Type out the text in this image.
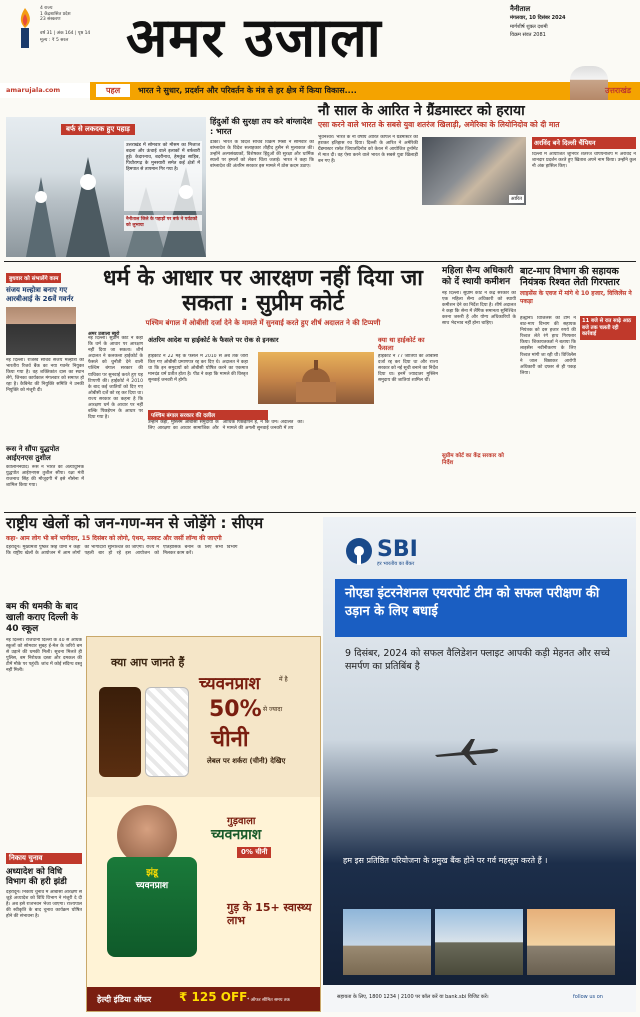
4 राज्य
1 केंद्रशासित प्रदेश
23 संस्करण
वर्ष 31 | अंक 164 | पृष्ठ 14
मूल्य : ₹ 5 सरल अमर उजाला	नैनीताल
मंगलवार, 10 दिसंबर 2024
मार्गशीर्ष शुक्ल दशमी
विक्रम संवत 2081
amarujala.com	पहल	भारत ने सुधार, प्रदर्शन और परिवर्तन के मंत्र से हर क्षेत्र में किया विकास....	उत्तराखंड
बर्फ से लकदक हुए पहाड़
उत्तराखंड में सोमवार को मौसम का मिजाज बदला और ऊंचाई वाले इलाकों में बर्फबारी हुई। केदारनाथ, बदरीनाथ, हेमकुंड साहिब, पिथौरागढ़ के मुनस्यारी समेत कई क्षेत्रों में हिमपात से तापमान गिर गया है।
नैनीताल जिले के पहाड़ों पर बर्फ ने पर्यटकों को लुभाया
हिंदुओं की सुरक्षा तय करे बांग्लादेश : भारत
ढाका। भारत के विदेश सचिव विक्रम मिस्री ने सोमवार को बांग्लादेश के विदेश सलाहकार तौहीद हुसैन से मुलाकात की। उन्होंने अल्पसंख्यकों, विशेषकर हिंदुओं की सुरक्षा और धार्मिक स्थलों पर हमलों को लेकर चिंता जताई। भारत ने कहा कि बांग्लादेश की अंतरिम सरकार इस मामले में ठोस कदम उठाए।
नौ साल के आरित ने ग्रैंडमास्टर को हराया
एसा करने वाले भारत के सबसे युवा शतरंज खिलाड़ी, अमेरिका के लियोनिदोव को दी मात
भुवनेश्वर। भारत के नौ वर्षीय आरित कपिल ने ग्रैंडमास्टर को हराकर इतिहास रच दिया। दिल्ली के आरित ने अमेरिकी ग्रैंडमास्टर रासेत जियातदिनोव को केरल में आयोजित टूर्नामेंट में मात दी। वह ऐसा करने वाले भारत के सबसे युवा खिलाड़ी बन गए हैं।
आरित
अरविंद बने दिल्ली चैंपियन
दिल्ली में आयोजित जूनियर शतरंज चैंपियनशिप में अरविंद ने शानदार प्रदर्शन करते हुए खिताब अपने नाम किया। उन्होंने कुल नौ अंक हासिल किए।
बुधवार को संभालेंगे काम
संजय मल्होत्रा बनाए गए आरबीआई के 26वें गवर्नर
नई दिल्ली। राजस्व सचिव संजय मल्होत्रा को भारतीय रिजर्व बैंक का नया गवर्नर नियुक्त किया गया है। वह शक्तिकांत दास का स्थान लेंगे, जिनका कार्यकाल मंगलवार को समाप्त हो रहा है। कैबिनेट की नियुक्ति समिति ने उनकी नियुक्ति को मंजूरी दी।
रूस ने सौंपा युद्धपोत आईएनएस तुशील
कालिनिनग्राद। रूस ने भारत को अत्याधुनिक युद्धपोत आईएनएस तुशील सौंपा। रक्षा मंत्री राजनाथ सिंह की मौजूदगी में इसे नौसेना में शामिल किया गया।
धर्म के आधार पर आरक्षण नहीं दिया जा सकता : सुप्रीम कोर्ट
पश्चिम बंगाल में ओबीसी दर्जा देने के मामले में सुनवाई करते हुए शीर्ष अदालत ने की टिप्पणी
अमर उजाला ब्यूरो
नई दिल्ली। सुप्रीम कोर्ट ने कहा कि धर्म के आधार पर आरक्षण नहीं दिया जा सकता। शीर्ष अदालत ने कलकत्ता हाईकोर्ट के फैसले को चुनौती देने वाली पश्चिम बंगाल सरकार की याचिका पर सुनवाई करते हुए यह टिप्पणी की। हाईकोर्ट ने 2010 के बाद कई जातियों को दिए गए ओबीसी दर्जे को रद्द कर दिया था। राज्य सरकार का कहना है कि आरक्षण धर्म के आधार पर नहीं बल्कि पिछड़ेपन के आधार पर दिया गया है।
अंतरिम आदेश या हाईकोर्ट के फैसले पर रोक से इनकार
हाईकोर्ट ने 22 मई के फैसले में 2010 से अब तक जारी किए गए ओबीसी प्रमाणपत्र रद्द कर दिए थे। अदालत ने कहा था कि इन समुदायों को ओबीसी घोषित करने का एकमात्र मानदंड धर्म प्रतीत होता है। पीठ ने कहा कि मामले की विस्तृत सुनवाई जनवरी में होगी।
पश्चिम बंगाल सरकार की दलील
उन्होंने कहा, मुस्लिम ओबीसी समुदायों के लिए आरक्षण का आधार सामाजिक और आर्थिक पिछड़ापन है, न कि धर्म। अदालत ने मामले की अगली सुनवाई जनवरी में तय की।
क्या था हाईकोर्ट का फैसला
हाईकोर्ट ने 77 जातियों का ओबीसी दर्जा रद्द कर दिया था और राज्य सरकार को नई सूची बनाने का निर्देश दिया था। इनमें ज्यादातर मुस्लिम समुदाय की जातियां शामिल थीं।
महिला सैन्य अधिकारी को दें स्थायी कमीशन
नई दिल्ली। सुप्रीम कोर्ट ने केंद्र सरकार को एक महिला सैन्य अधिकारी को स्थायी कमीशन देने का निर्देश दिया है। शीर्ष अदालत ने कहा कि सेना में लैंगिक समानता सुनिश्चित करना जरूरी है और योग्य अधिकारियों के साथ भेदभाव नहीं होना चाहिए।
सुप्रीम कोर्ट का केंद्र सरकार को निर्देश
बाट-माप विभाग की सहायक नियंत्रक रिश्वत लेती गिरफ्तार
लाइसेंस के एवज में मांगे थे 10 हजार, विजिलेंस ने पकड़ा
11 बजे से रात साढ़े आठ बजे तक चलती रही कार्रवाई
हल्द्वानी। विजिलेंस की टीम ने बाट-माप विभाग की सहायक नियंत्रक को दस हजार रुपये की रिश्वत लेते रंगे हाथ गिरफ्तार किया। शिकायतकर्ता ने बताया कि लाइसेंस नवीनीकरण के लिए रिश्वत मांगी जा रही थी। विजिलेंस ने जाल बिछाकर आरोपी अधिकारी को दफ्तर से ही पकड़ लिया।
राष्ट्रीय खेलों को जन-गण-मन से जोड़ेंगे : सीएम
कहा- आम लोग भी बनें भागीदार, 15 दिसंबर को लोगो, एंथम, मस्कट और जर्सी लॉन्च की जाएगी
देहरादून। मुख्यमंत्री पुष्कर सिंह धामी ने कहा कि राष्ट्रीय खेलों के आयोजन में आम लोगों की भागीदारी सुनिश्चित की जाएगी। राज्य में पहली बार हो रहे इस आयोजन को ऐतिहासिक बनाने के लिए सभी विभाग मिलकर काम करें।
बम की धमकी के बाद खाली कराए दिल्ली के 40 स्कूल
नई दिल्ली। राजधानी दिल्ली के 40 से अधिक स्कूलों को सोमवार सुबह ई-मेल के जरिये बम से उड़ाने की धमकी मिली। सूचना मिलते ही पुलिस, बम निरोधक दस्ता और दमकल की टीमें मौके पर पहुंचीं। जांच में कोई संदिग्ध वस्तु नहीं मिली।
निकाय चुनाव
अध्यादेश को विधि विभाग की हरी झंडी
देहरादून। निकाय चुनाव में ओबीसी आरक्षण से जुड़े अध्यादेश को विधि विभाग ने मंजूरी दे दी है। अब इसे राजभवन भेजा जाएगा। राज्यपाल की स्वीकृति के बाद चुनाव कार्यक्रम घोषित होने की संभावना है।
क्या आप जानते हैं
च्यवनप्राश	में है
50% से ज्यादा
चीनी
लेबल पर शर्करा (चीनी) देखिए
झंडू
च्यवनप्राश
गुड़वाला
च्यवनप्राश
0% चीनी
गुड़ के 15+ स्वास्थ्य लाभ
हेल्दी इंडिया ऑफर ₹ 125 OFF * ऑफर सीमित समय तक
SBI
हर भारतीय का बैंकर
नोएडा इंटरनेशनल एयरपोर्ट टीम को सफल परीक्षण की उड़ान के लिए बधाई
9 दिसंबर, 2024 को सफल वैलिडेशन फ्लाइट आपकी कड़ी मेहनत और सच्चे समर्पण का प्रतिबिंब है
हम इस प्रतिष्ठित परियोजना के प्रमुख बैंक होने पर गर्व महसूस करते हैं ।
सहायता के लिए, 1800 1234 | 2100 पर कॉल करें या bank.sbi विजिट करें।	follow us on
